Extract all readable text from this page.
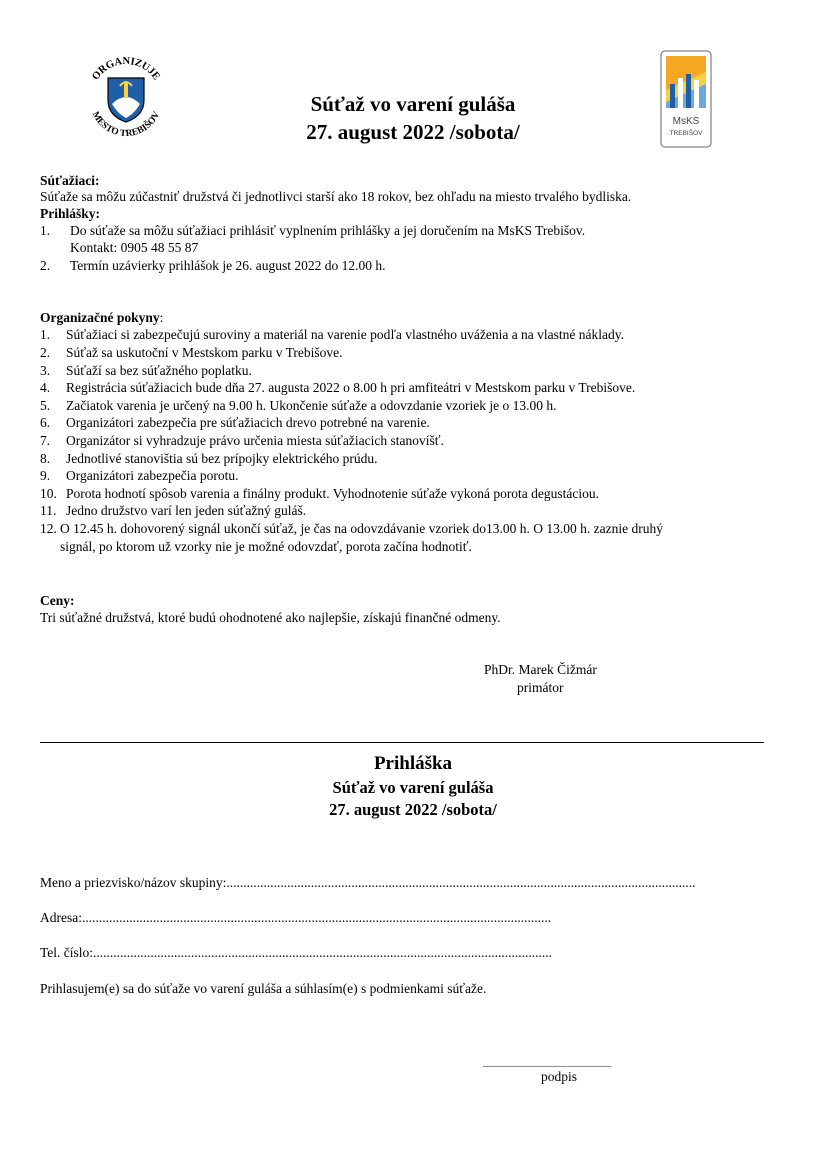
ORGANIZUJE
MESTO TREBIŠOV
MsKS
TREBIŠOV
Súťaž vo varení guláša
27. august 2022 /sobota/
Súťažiaci:
Súťaže sa môžu zúčastniť družstvá či jednotlivci starší ako 18 rokov, bez ohľadu na miesto trvalého bydliska.
Prihlášky:
1. Do súťaže sa môžu súťažiaci prihlásiť vyplnením prihlášky a jej doručením na MsKS Trebišov.
Kontakt: 0905 48 55 87
2. Termín uzávierky prihlášok je 26. august 2022 do 12.00 h.
Organizačné pokyny:
1. Súťažiaci si zabezpečujú suroviny a materiál na varenie podľa vlastného uváženia a na vlastné náklady.
2. Súťaž sa uskutoční v Mestskom parku v Trebišove.
3. Súťaží sa bez súťažného poplatku.
4. Registrácia súťažiacich bude dňa 27. augusta 2022 o 8.00 h pri amfiteátri v Mestskom parku v Trebišove.
5. Začiatok varenia je určený na 9.00 h. Ukončenie súťaže a odovzdanie vzoriek je o 13.00 h.
6. Organizátori zabezpečia pre súťažiacich drevo potrebné na varenie.
7. Organizátor si vyhradzuje právo určenia miesta súťažiacich stanovíšť.
8. Jednotlivé stanovištia sú bez prípojky elektrického prúdu.
9. Organizátori zabezpečia porotu.
10. Porota hodnotí spôsob varenia a finálny produkt. Vyhodnotenie súťaže vykoná porota degustáciou.
11. Jedno družstvo varí len jeden súťažný guláš.
12. O 12.45 h. dohovorený signál ukončí súťaž, je čas na odovzdávanie vzoriek do13.00 h. O 13.00 h. zaznie druhý
signál, po ktorom už vzorky nie je možné odovzdať, porota začína hodnotiť.
Ceny:
Tri súťažné družstvá, ktoré budú ohodnotené ako najlepšie, získajú finančné odmeny.
PhDr. Marek Čižmár
primátor
Prihláška
Súťaž vo varení guláša
27. august 2022 /sobota/
Meno a priezvisko/názov skupiny:...........................................................................................................................................
Adresa:...........................................................................................................................................
Tel. číslo:........................................................................................................................................
Prihlasujem(e) sa do súťaže vo varení guláša a súhlasím(e) s podmienkami súťaže.
___________________
podpis
